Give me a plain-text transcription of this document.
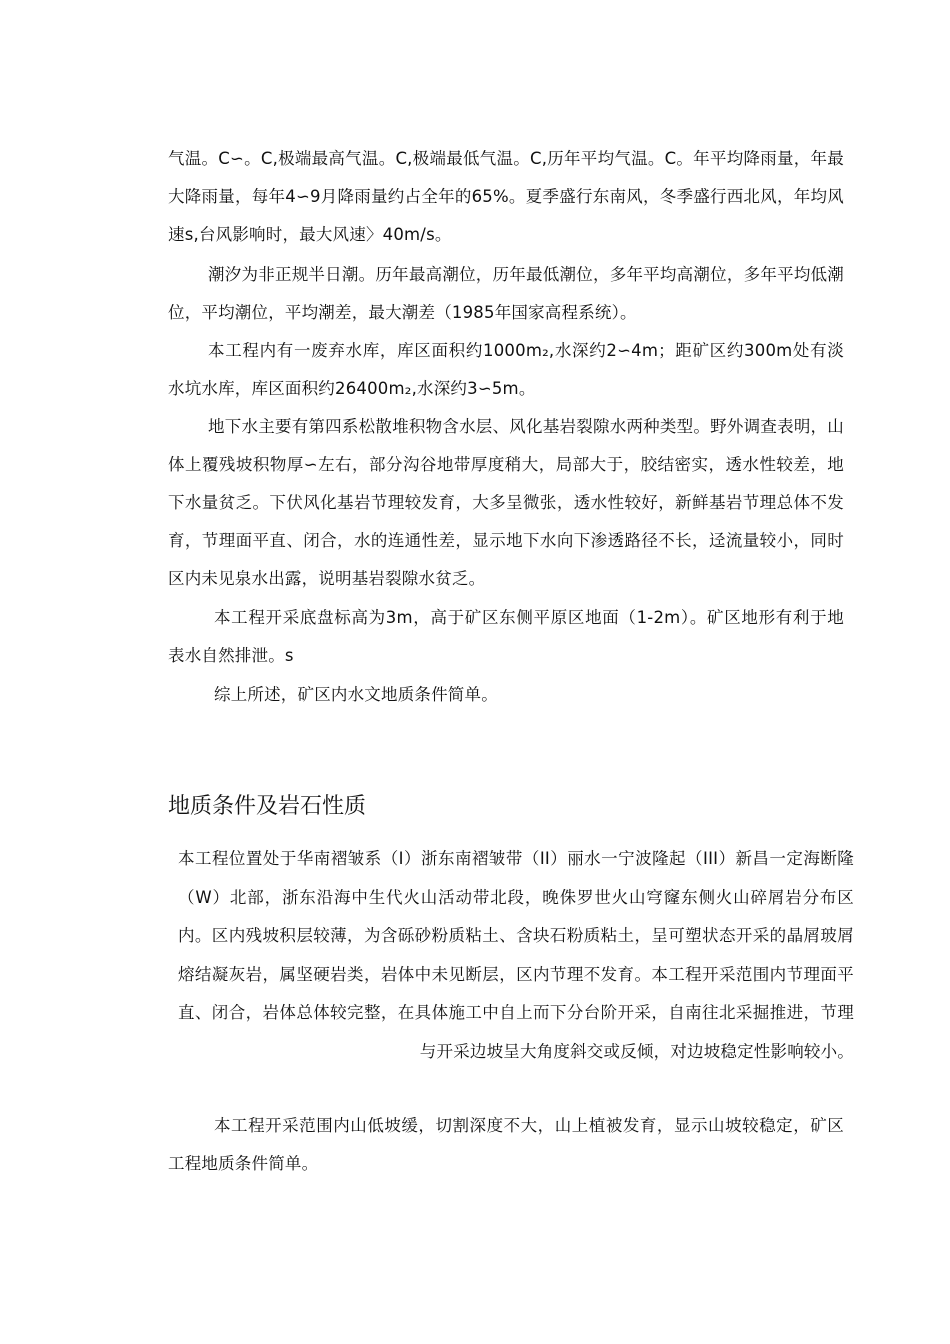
气温。C∽。C,极端最高气温。C,极端最低气温。C,历年平均气温。C。年平均降雨量，年最大降雨量，每年4∽9月降雨量约占全年的65%。夏季盛行东南风，冬季盛行西北风，年均风速s,台风影响时，最大风速〉40m/s。

潮汐为非正规半日潮。历年最高潮位，历年最低潮位，多年平均高潮位，多年平均低潮位，平均潮位，平均潮差，最大潮差（1985年国家高程系统）。

本工程内有一废弃水库，库区面积约1000m₂,水深约2∽4m；距矿区约300m处有淡水坑水库，库区面积约26400m₂,水深约3∽5m。

地下水主要有第四系松散堆积物含水层、风化基岩裂隙水两种类型。野外调查表明，山体上覆残坡积物厚∽左右，部分沟谷地带厚度稍大，局部大于，胶结密实，透水性较差，地下水量贫乏。下伏风化基岩节理较发育，大多呈微张，透水性较好，新鲜基岩节理总体不发育，节理面平直、闭合，水的连通性差，显示地下水向下渗透路径不长，迳流量较小，同时区内未见泉水出露，说明基岩裂隙水贫乏。

本工程开采底盘标高为3m，高于矿区东侧平原区地面（1-2m）。矿区地形有利于地表水自然排泄。s

综上所述，矿区内水文地质条件简单。

地质条件及岩石性质

本工程位置处于华南褶皱系（I）浙东南褶皱带（II）丽水一宁波隆起（III）新昌一定海断隆（W）北部，浙东沿海中生代火山活动带北段，晚侏罗世火山穹窿东侧火山碎屑岩分布区内。区内残坡积层较薄，为含砾砂粉质粘土、含块石粉质粘土，呈可塑状态开采的晶屑玻屑熔结凝灰岩，属坚硬岩类，岩体中未见断层，区内节理不发育。本工程开采范围内节理面平直、闭合，岩体总体较完整，在具体施工中自上而下分台阶开采，自南往北采掘推进，节理与开采边坡呈大角度斜交或反倾，对边坡稳定性影响较小。

本工程开采范围内山低坡缓，切割深度不大，山上植被发育，显示山坡较稳定，矿区工程地质条件简单。
